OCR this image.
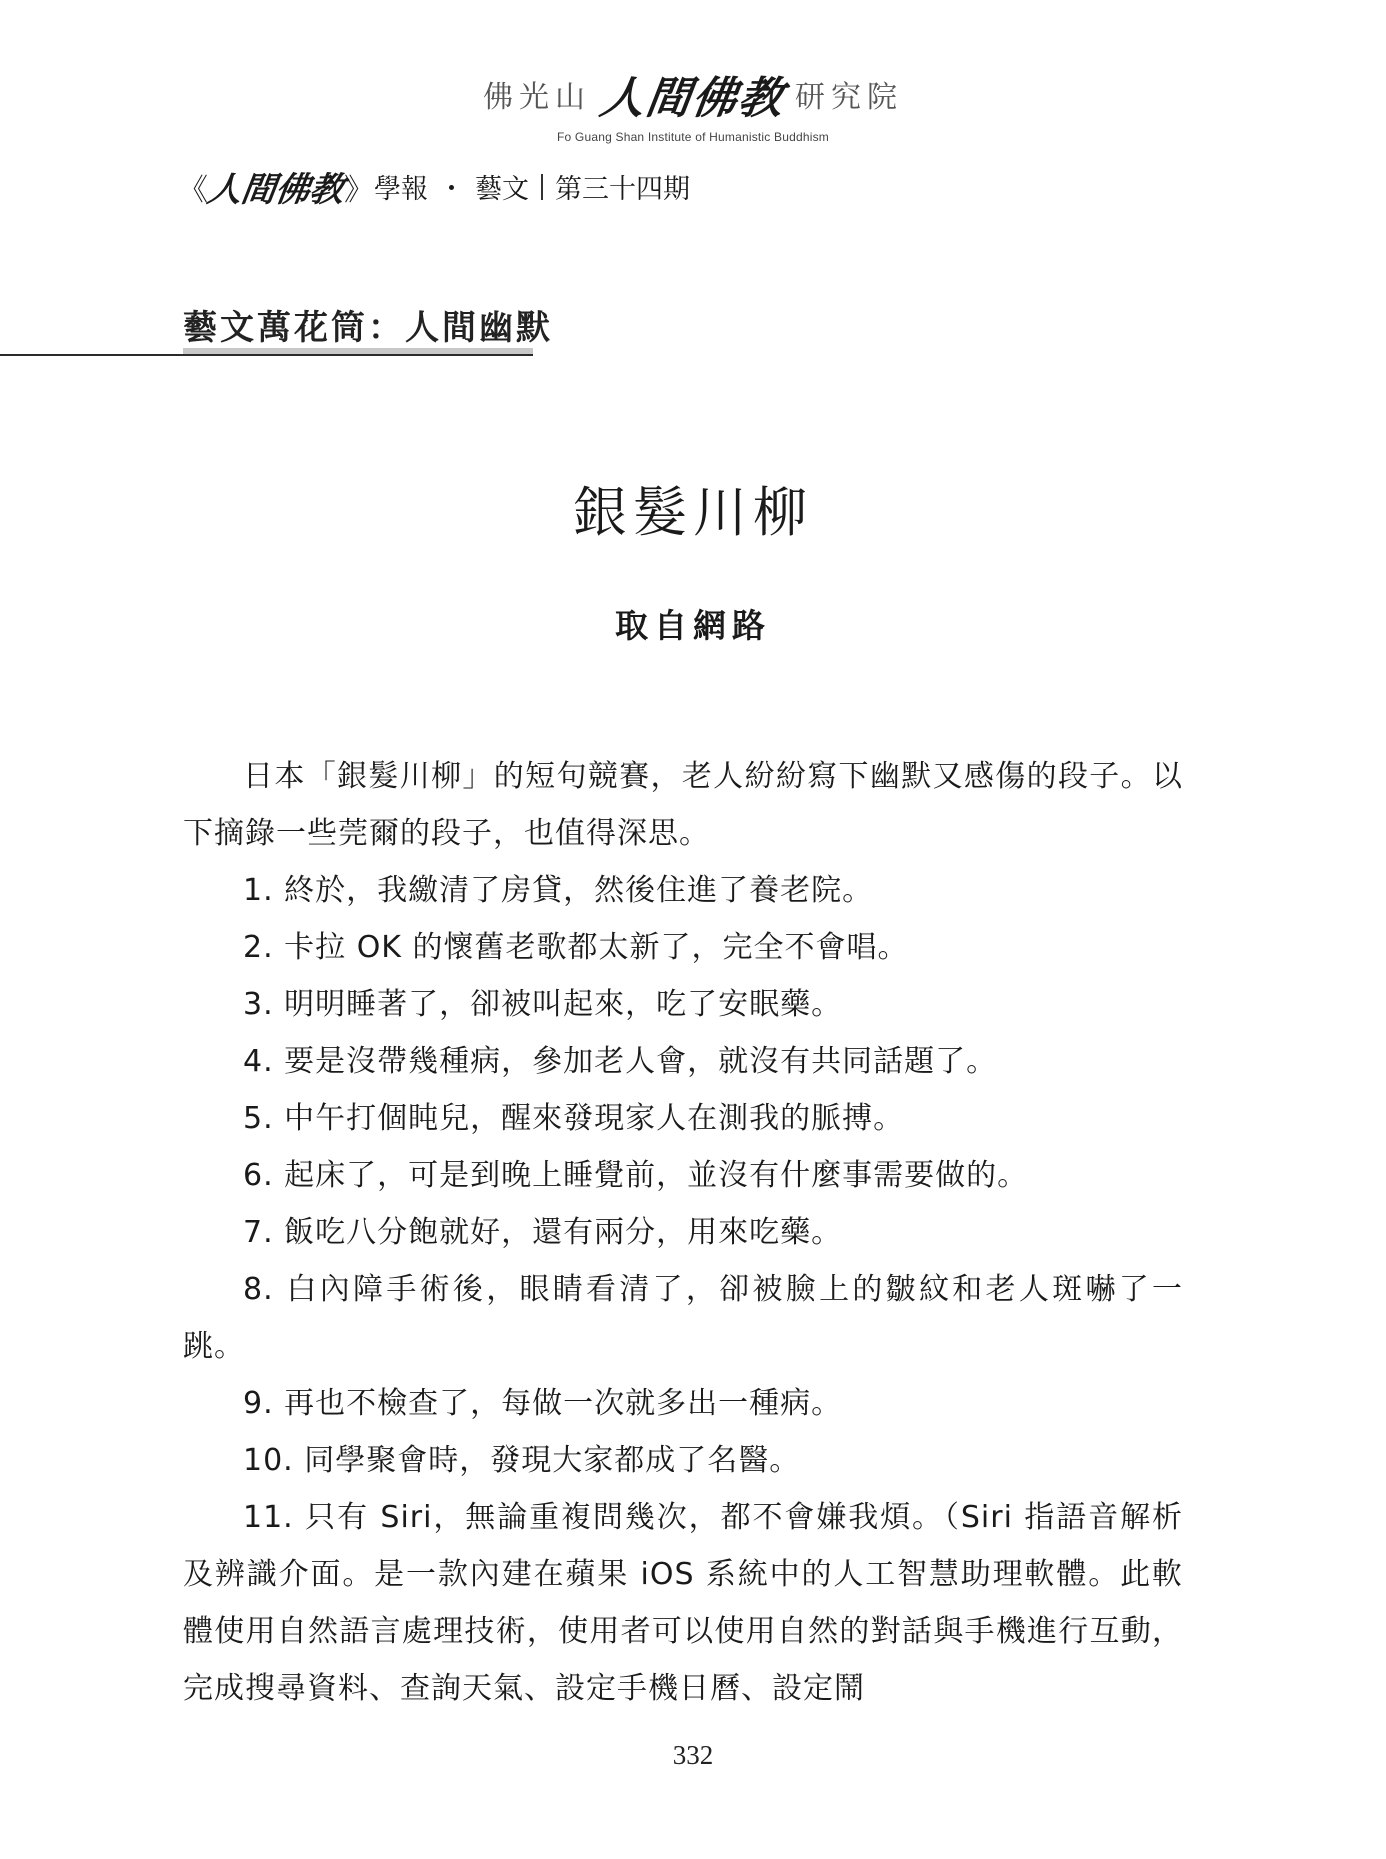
佛光山 人間佛教 研究院
Fo Guang Shan Institute of Humanistic Buddhism
《
人間佛教
》 學報 ・ 藝文 第三十四期
藝文萬花筒：人間幽默
銀髮川柳
取自網路

日本「銀髮川柳」的短句競賽，老人紛紛寫下幽默又感傷的段子。以下摘錄一些莞爾的段子，也值得深思。

1. 終於，我繳清了房貸，然後住進了養老院。

2. 卡拉 OK 的懷舊老歌都太新了，完全不會唱。

3. 明明睡著了，卻被叫起來，吃了安眠藥。

4. 要是沒帶幾種病，參加老人會，就沒有共同話題了。

5. 中午打個盹兒，醒來發現家人在測我的脈搏。

6. 起床了，可是到晚上睡覺前，並沒有什麼事需要做的。

7. 飯吃八分飽就好，還有兩分，用來吃藥。

8. 白內障手術後，眼睛看清了，卻被臉上的皺紋和老人斑嚇了一跳。

9. 再也不檢查了，每做一次就多出一種病。

10. 同學聚會時，發現大家都成了名醫。

11. 只有 Siri，無論重複問幾次，都不會嫌我煩。（Siri 指語音解析及辨識介面。是一款內建在蘋果 iOS 系統中的人工智慧助理軟體。此軟體使用自然語言處理技術，使用者可以使用自然的對話與手機進行互動，完成搜尋資料、查詢天氣、設定手機日曆、設定鬧

332
